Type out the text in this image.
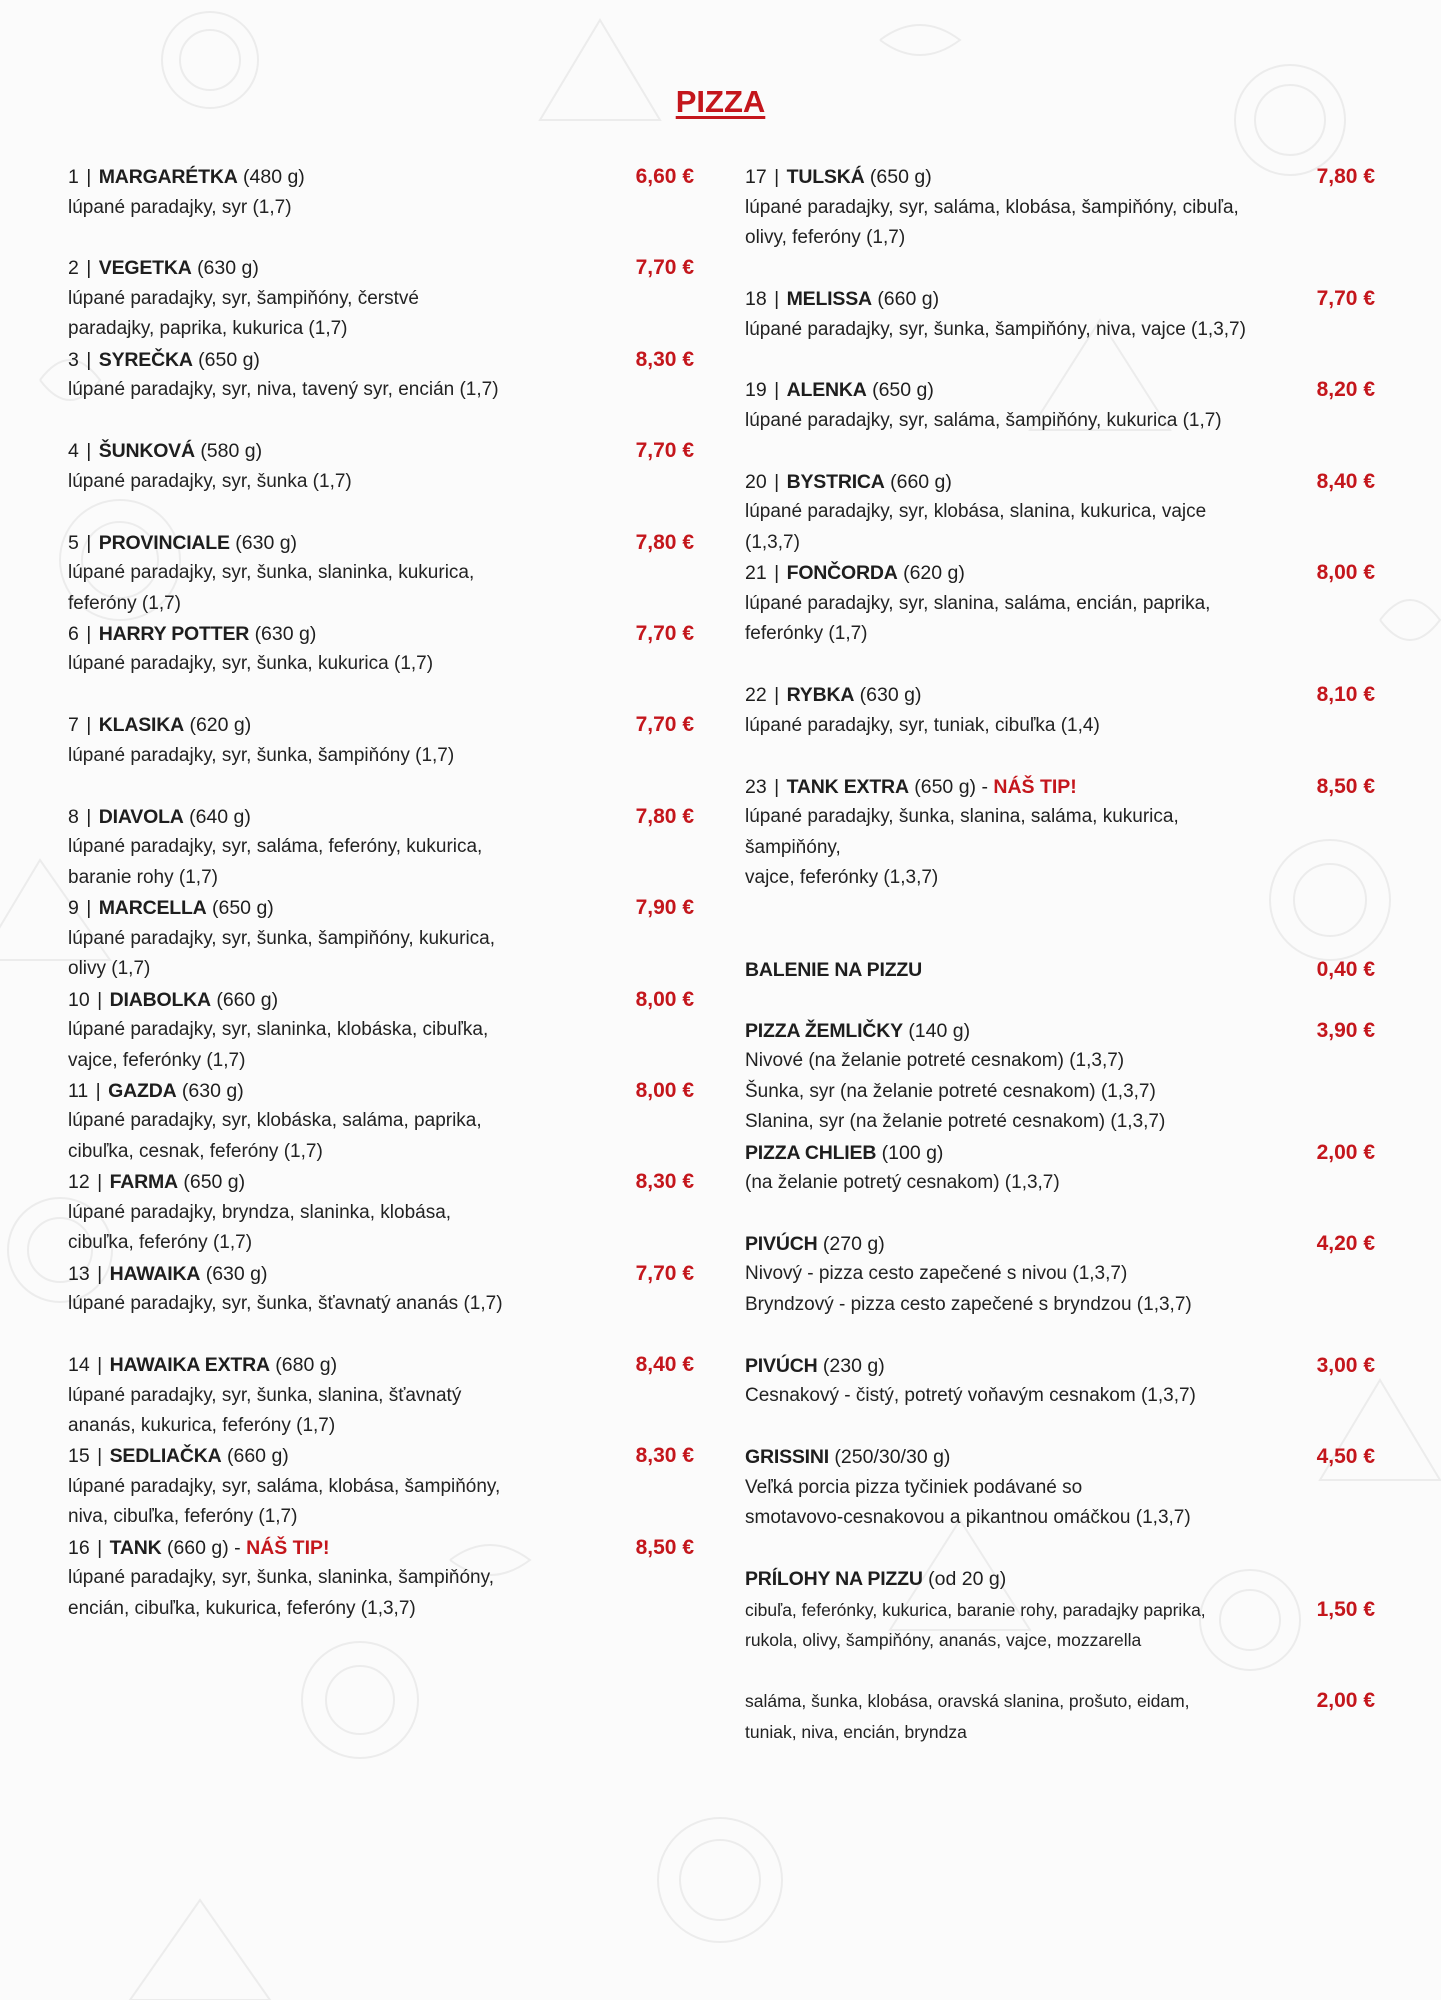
PIZZA
1 | MARGARÉTKA (480 g)
lúpané paradajky, syr (1,7)
6,60 €
2 | VEGETKA (630 g)
lúpané paradajky, syr, šampiňóny, čerstvé
paradajky, paprika, kukurica (1,7)
7,70 €
3 | SYREČKA (650 g)
lúpané paradajky, syr, niva, tavený syr, encián (1,7)
8,30 €
4 | ŠUNKOVÁ (580 g)
lúpané paradajky, syr, šunka (1,7)
7,70 €
5 | PROVINCIALE (630 g)
lúpané paradajky, syr, šunka, slaninka, kukurica,
feferóny (1,7)
7,80 €
6 | HARRY POTTER (630 g)
lúpané paradajky, syr, šunka, kukurica (1,7)
7,70 €
7 | KLASIKA (620 g)
lúpané paradajky, syr, šunka, šampiňóny (1,7)
7,70 €
8 | DIAVOLA (640 g)
lúpané paradajky, syr, saláma, feferóny, kukurica,
baranie rohy (1,7)
7,80 €
9 | MARCELLA (650 g)
lúpané paradajky, syr, šunka, šampiňóny, kukurica,
olivy (1,7)
7,90 €
10 | DIABOLKA (660 g)
lúpané paradajky, syr, slaninka, klobáska, cibuľka,
vajce, feferónky (1,7)
8,00 €
11 | GAZDA (630 g)
lúpané paradajky, syr, klobáska, saláma, paprika,
cibuľka, cesnak, feferóny (1,7)
8,00 €
12 | FARMA (650 g)
lúpané paradajky, bryndza, slaninka, klobása,
cibuľka, feferóny (1,7)
8,30 €
13 | HAWAIKA (630 g)
lúpané paradajky, syr, šunka, šťavnatý ananás (1,7)
7,70 €
14 | HAWAIKA EXTRA (680 g)
lúpané paradajky, syr, šunka, slanina, šťavnatý
ananás, kukurica, feferóny (1,7)
8,40 €
15 | SEDLIAČKA (660 g)
lúpané paradajky, syr, saláma, klobása, šampiňóny,
niva, cibuľka, feferóny (1,7)
8,30 €
16 | TANK (660 g) - NÁŠ TIP!
lúpané paradajky, syr, šunka, slaninka, šampiňóny,
encián, cibuľka, kukurica, feferóny (1,3,7)
8,50 €
17 | TULSKÁ (650 g)
lúpané paradajky, syr, saláma, klobása, šampiňóny, cibuľa,
olivy, feferóny (1,7)
7,80 €
18 | MELISSA (660 g)
lúpané paradajky, syr, šunka, šampiňóny, niva, vajce (1,3,7)
7,70 €
19 | ALENKA (650 g)
lúpané paradajky, syr, saláma, šampiňóny, kukurica (1,7)
8,20 €
20 | BYSTRICA (660 g)
lúpané paradajky, syr, klobása, slanina, kukurica, vajce (1,3,7)
8,40 €
21 | FONČORDA (620 g)
lúpané paradajky, syr, slanina, saláma, encián, paprika,
feferónky (1,7)
8,00 €
22 | RYBKA (630 g)
lúpané paradajky, syr, tuniak, cibuľka (1,4)
8,10 €
23 | TANK EXTRA (650 g) - NÁŠ TIP!
lúpané paradajky, šunka, slanina, saláma, kukurica, šampiňóny,
vajce, feferónky (1,3,7)
8,50 €
BALENIE NA PIZZU	0,40 €
PIZZA ŽEMLIČKY (140 g)
Nivové (na želanie potreté cesnakom) (1,3,7)
Šunka, syr (na želanie potreté cesnakom) (1,3,7)
Slanina, syr (na želanie potreté cesnakom) (1,3,7)
3,90 €
PIZZA CHLIEB (100 g)
(na želanie potretý cesnakom) (1,3,7)
2,00 €
PIVÚCH (270 g)
Nivový - pizza cesto zapečené s nivou (1,3,7)
Bryndzový - pizza cesto zapečené s bryndzou (1,3,7)
4,20 €
PIVÚCH (230 g)
Cesnakový - čistý, potretý voňavým cesnakom (1,3,7)
3,00 €
GRISSINI (250/30/30 g)
Veľká porcia pizza tyčiniek podávané so
smotavovo-cesnakovou a pikantnou omáčkou (1,3,7)
4,50 €
PRÍLOHY NA PIZZU (od 20 g)
cibuľa, feferónky, kukurica, baranie rohy, paradajky paprika,
rukola, olivy, šampiňóny, ananás, vajce, mozzarella
1,50 €
saláma, šunka, klobása, oravská slanina, prošuto, eidam,
tuniak, niva, encián, bryndza
2,00 €
